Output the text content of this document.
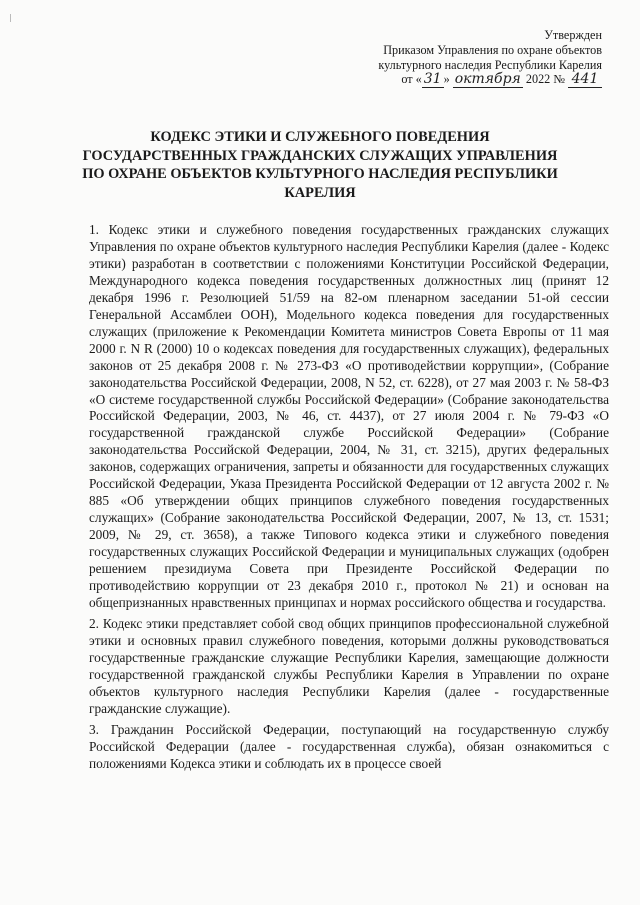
Утвержден
Приказом Управления по охране объектов
культурного наследия Республики Карелия
от « 31 » октября 2022 № 441
КОДЕКС ЭТИКИ И СЛУЖЕБНОГО ПОВЕДЕНИЯ
ГОСУДАРСТВЕННЫХ ГРАЖДАНСКИХ СЛУЖАЩИХ УПРАВЛЕНИЯ
ПО ОХРАНЕ ОБЪЕКТОВ КУЛЬТУРНОГО НАСЛЕДИЯ РЕСПУБЛИКИ
КАРЕЛИЯ

1. Кодекс этики и служебного поведения государственных гражданских служащих Управления по охране объектов культурного наследия Республики Карелия (далее - Кодекс этики) разработан в соответствии с положениями Конституции Российской Федерации, Международного кодекса поведения государственных должностных лиц (принят 12 декабря 1996 г. Резолюцией 51/59 на 82-ом пленарном заседании 51-ой сессии Генеральной Ассамблеи ООН), Модельного кодекса поведения для государственных служащих (приложение к Рекомендации Комитета министров Совета Европы от 11 мая 2000 г. N R (2000) 10 о кодексах поведения для государственных служащих), федеральных законов от 25 декабря 2008 г. № 273-ФЗ «О противодействии коррупции», (Собрание законодательства Российской Федерации, 2008, N 52, ст. 6228), от 27 мая 2003 г. № 58-ФЗ «О системе государственной службы Российской Федерации» (Собрание законодательства Российской Федерации, 2003, № 46, ст. 4437), от 27 июля 2004 г. № 79-ФЗ «О государственной гражданской службе Российской Федерации» (Собрание законодательства Российской Федерации, 2004, № 31, ст. 3215), других федеральных законов, содержащих ограничения, запреты и обязанности для государственных служащих Российской Федерации, Указа Президента Российской Федерации от 12 августа 2002 г. № 885 «Об утверждении общих принципов служебного поведения государственных служащих» (Собрание законодательства Российской Федерации, 2007, № 13, ст. 1531; 2009, № 29, ст. 3658), а также Типового кодекса этики и служебного поведения государственных служащих Российской Федерации и муниципальных служащих (одобрен решением президиума Совета при Президенте Российской Федерации по противодействию коррупции от 23 декабря 2010 г., протокол № 21) и основан на общепризнанных нравственных принципах и нормах российского общества и государства.

2. Кодекс этики представляет собой свод общих принципов профессиональной служебной этики и основных правил служебного поведения, которыми должны руководствоваться государственные гражданские служащие Республики Карелия, замещающие должности государственной гражданской службы Республики Карелия в Управлении по охране объектов культурного наследия Республики Карелия (далее - государственные гражданские служащие).

3. Гражданин Российской Федерации, поступающий на государственную службу Российской Федерации (далее - государственная служба), обязан ознакомиться с положениями Кодекса этики и соблюдать их в процессе своей
